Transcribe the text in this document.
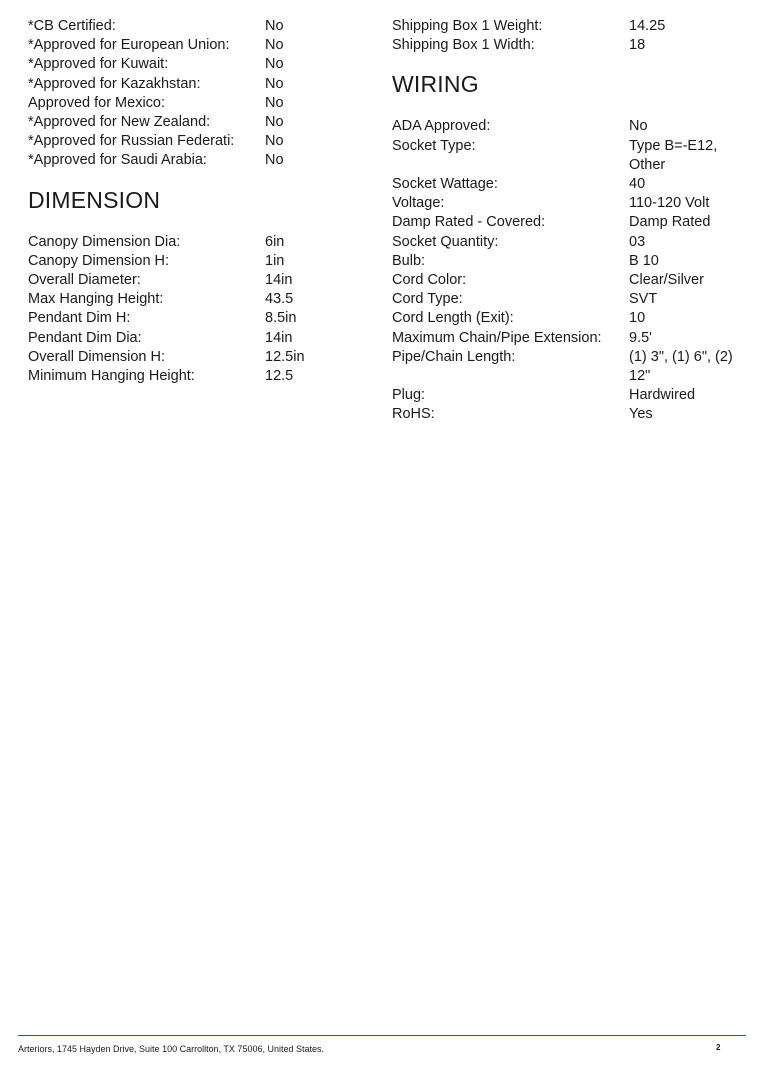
*CB Certified:	No
*Approved for European Union:	No
*Approved for Kuwait:	No
*Approved for Kazakhstan:	No
Approved for Mexico:	No
*Approved for New Zealand:	No
*Approved for Russian Federati:	No
*Approved for Saudi Arabia:	No
DIMENSION
Canopy Dimension Dia:	6in
Canopy Dimension H:	1in
Overall Diameter:	14in
Max Hanging Height:	43.5
Pendant Dim H:	8.5in
Pendant Dim Dia:	14in
Overall Dimension H:	12.5in
Minimum Hanging Height:	12.5
Shipping Box 1 Weight:	14.25
Shipping Box 1 Width:	18
WIRING
ADA Approved:	No
Socket Type:	Type B=-E12, Other
Socket Wattage:	40
Voltage:	110-120 Volt
Damp Rated - Covered:	Damp Rated
Socket Quantity:	03
Bulb:	B 10
Cord Color:	Clear/Silver
Cord Type:	SVT
Cord Length (Exit):	10
Maximum Chain/Pipe Extension:	9.5'
Pipe/Chain Length:	(1) 3", (1) 6", (2) 12"
Plug:	Hardwired
RoHS:	Yes
Arteriors, 1745 Hayden Drive, Suite 100 Carrollton, TX 75006, United States.	2
